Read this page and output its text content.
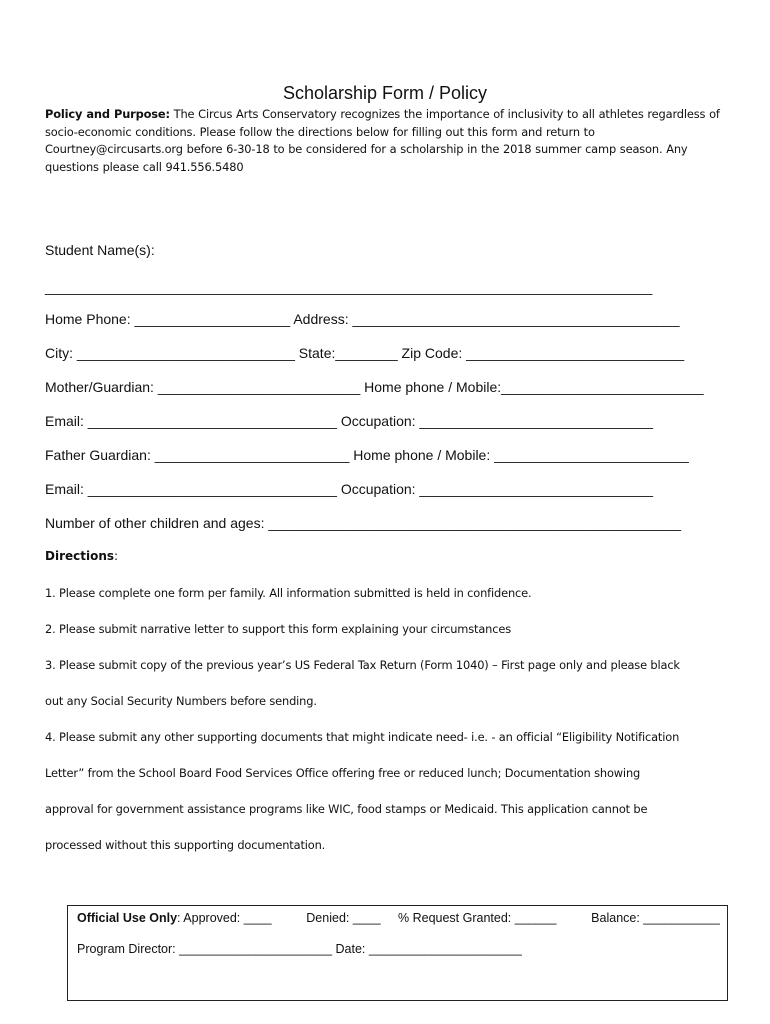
Scholarship Form / Policy
Policy and Purpose: The Circus Arts Conservatory recognizes the importance of inclusivity to all athletes regardless of socio-economic conditions. Please follow the directions below for filling out this form and return to Courtney@circusarts.org before 6-30-18 to be considered for a scholarship in the 2018 summer camp season. Any questions please call 941.556.5480
Student Name(s):
______________________________________________________________________________
Home Phone: ____________________ Address: __________________________________________
City: ____________________________ State:________ Zip Code: ____________________________
Mother/Guardian: __________________________ Home phone / Mobile:__________________________
Email: ________________________________ Occupation: ______________________________
Father Guardian: _________________________ Home phone / Mobile: _________________________
Email: ________________________________ Occupation: ______________________________
Number of other children and ages: _____________________________________________________
Directions:
1. Please complete one form per family. All information submitted is held in confidence.
2. Please submit narrative letter to support this form explaining your circumstances
3. Please submit copy of the previous year’s US Federal Tax Return (Form 1040) – First page only and please black
out any Social Security Numbers before sending.
4. Please submit any other supporting documents that might indicate need- i.e. - an official “Eligibility Notification
Letter” from the School Board Food Services Office offering free or reduced lunch; Documentation showing
approval for government assistance programs like WIC, food stamps or Medicaid. This application cannot be
processed without this supporting documentation.
Official Use Only: Approved: ____          Denied: ____     % Request Granted: ______          Balance: ___________
Program Director: ______________________ Date: ______________________
